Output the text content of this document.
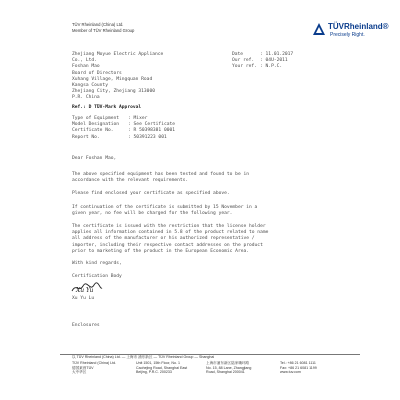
TÜV Rheinland (China) Ltd.
Member of TÜV Rheinland Group	TÜVRheinland®
Precisely Right.
Zhejiang Moyue Electric Appliance
Co., Ltd.
Foshan Mao
Board of Directors
Xuhang Village, Mingquan Road
Kangsa County
Zhejiang City, Zhejiang 313000
P.R. China
Date	: 11.01.2017
Our ref. : 04U-2011
Your ref. : N.P.C.
Ref.: D TÜV-Mark Approval
Type of Equipment : Mixer
Model Designation : See Certificate
Certificate No.	: R 50398381 0001
Report No.	: 50391223 001
Dear Foshan Mao,
The above specified equipment has been tested and found to be in
accordance with the relevant requirements.
Please find enclosed your certificate as specified above.
If continuation of the certificate is submitted by 15 November in a
given year, no fee will be charged for the following year.
The certificate is issued with the restriction that the license holder
applies all information contained in 5.8 of the product related to name
all address of the manufacturer or his authorized representative /
importer, including their respective contact addresses on the product
prior to marketing of the product in the European Economic Area.
With kind regards,
Certification Body
Xu Yu
Xu Yu Lu
Enclosures
以 TÜV Rheinland (China) Ltd. — 上海市 浦东新区 — TÜV Rheinland Group — Shanghai
TÜV Rheinland (China) Ltd.
德国莱茵TÜV
大中华区
Unit 1501, 15th Floor, No. 1
Caohejing Road, Shanghai East
Beijing, P.R.C. 200233
上海市浦东新区陆家嘴环路
No. 15, 88 Lane, Zhangjiang
Road, Shanghai 200041
Tel.: +86 21 6081 1111
Fax: +86 21 6081 1199
www.tuv.com
